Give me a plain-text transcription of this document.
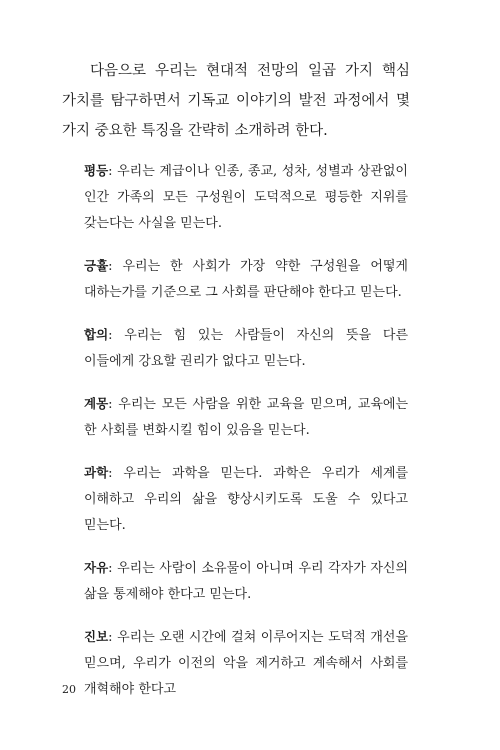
다음으로 우리는 현대적 전망의 일곱 가지 핵심 가치를 탐구하면서 기독교 이야기의 발전 과정에서 몇 가지 중요한 특징을 간략히 소개하려 한다.

평등: 우리는 계급이나 인종, 종교, 성차, 성별과 상관없이 인간 가족의 모든 구성원이 도덕적으로 평등한 지위를 갖는다는 사실을 믿는다.
긍휼: 우리는 한 사회가 가장 약한 구성원을 어떻게 대하는가를 기준으로 그 사회를 판단해야 한다고 믿는다.
합의: 우리는 힘 있는 사람들이 자신의 뜻을 다른 이들에게 강요할 권리가 없다고 믿는다.
계몽: 우리는 모든 사람을 위한 교육을 믿으며, 교육에는 한 사회를 변화시킬 힘이 있음을 믿는다.
과학: 우리는 과학을 믿는다. 과학은 우리가 세계를 이해하고 우리의 삶을 향상시키도록 도울 수 있다고 믿는다.
자유: 우리는 사람이 소유물이 아니며 우리 각자가 자신의 삶을 통제해야 한다고 믿는다.
진보: 우리는 오랜 시간에 걸쳐 이루어지는 도덕적 개선을 믿으며, 우리가 이전의 악을 제거하고 계속해서 사회를 개혁해야 한다고
20
